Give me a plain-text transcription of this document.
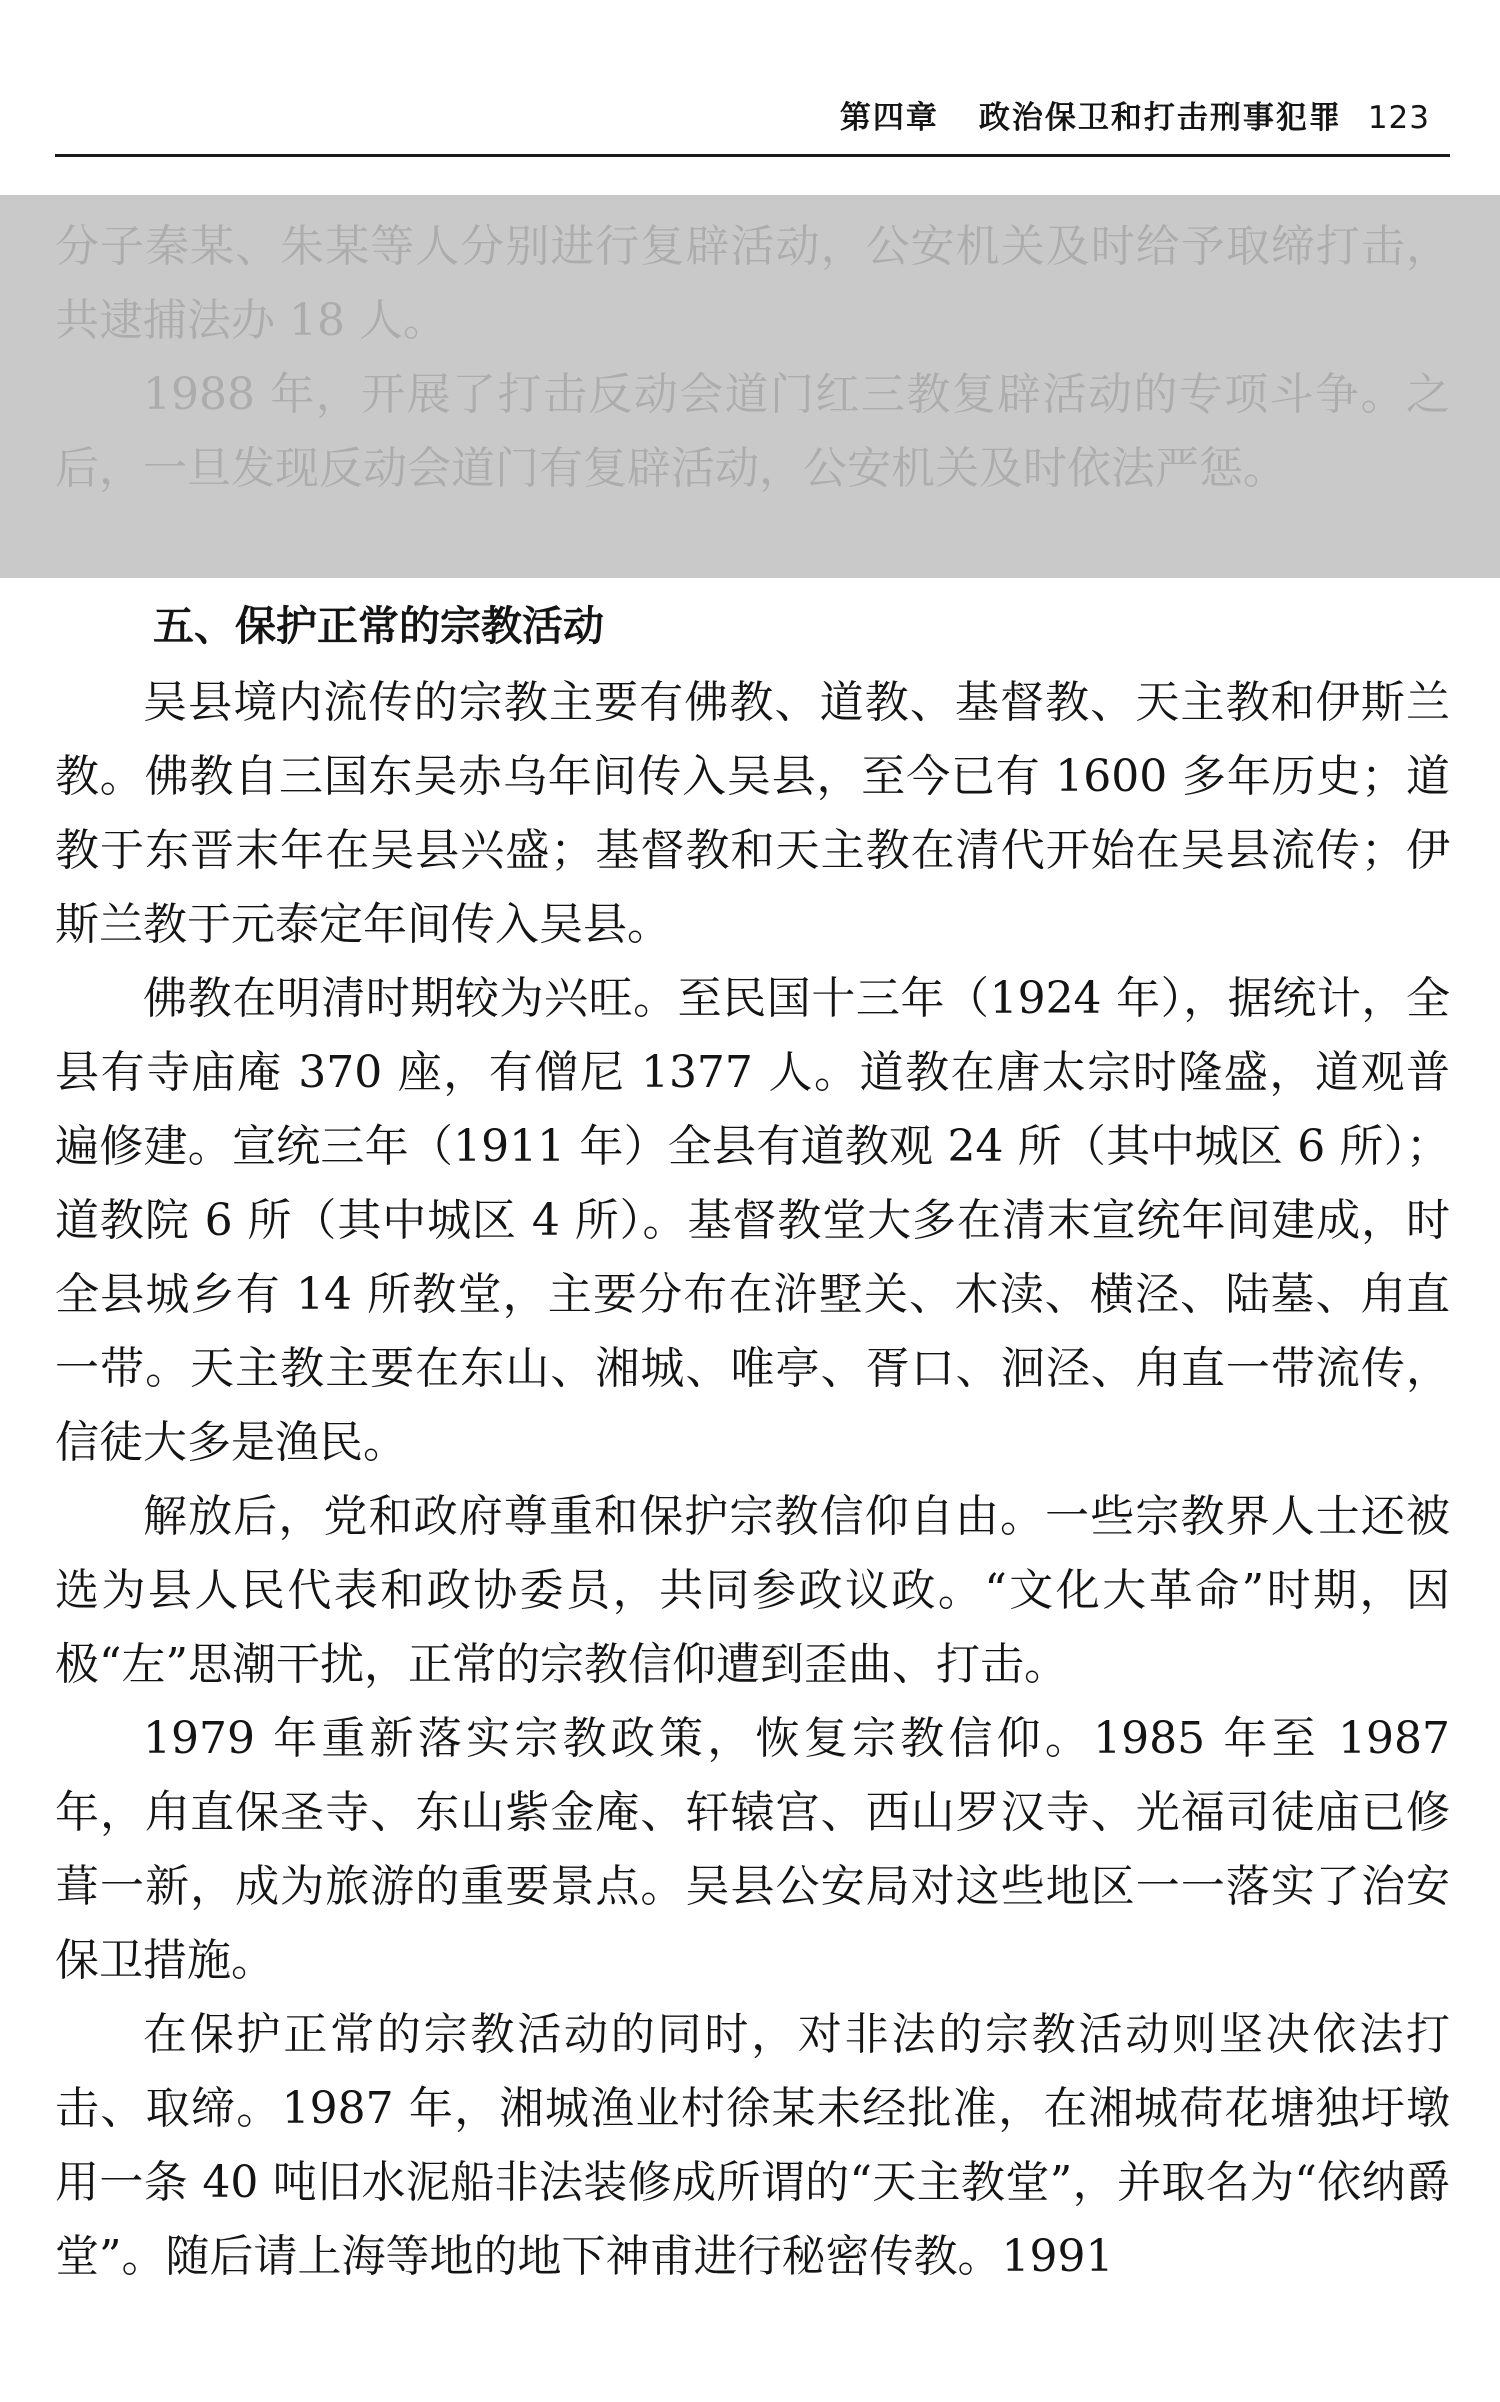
第四章 政治保卫和打击刑事犯罪 123

分子秦某、朱某等人分别进行复辟活动，公安机关及时给予取缔打击，共逮捕法办 18 人。

1988 年，开展了打击反动会道门红三教复辟活动的专项斗争。之后，一旦发现反动会道门有复辟活动，公安机关及时依法严惩。

五、保护正常的宗教活动

吴县境内流传的宗教主要有佛教、道教、基督教、天主教和伊斯兰教。佛教自三国东吴赤乌年间传入吴县，至今已有 1600 多年历史；道教于东晋末年在吴县兴盛；基督教和天主教在清代开始在吴县流传；伊斯兰教于元泰定年间传入吴县。

佛教在明清时期较为兴旺。至民国十三年（1924 年），据统计，全县有寺庙庵 370 座，有僧尼 1377 人。道教在唐太宗时隆盛，道观普遍修建。宣统三年（1911 年）全县有道教观 24 所（其中城区 6 所）；道教院 6 所（其中城区 4 所）。基督教堂大多在清末宣统年间建成，时全县城乡有 14 所教堂，主要分布在浒墅关、木渎、横泾、陆墓、甪直一带。天主教主要在东山、湘城、唯亭、胥口、洄泾、甪直一带流传，信徒大多是渔民。

解放后，党和政府尊重和保护宗教信仰自由。一些宗教界人士还被选为县人民代表和政协委员，共同参政议政。“文化大革命”时期，因极“左”思潮干扰，正常的宗教信仰遭到歪曲、打击。

1979 年重新落实宗教政策，恢复宗教信仰。1985 年至 1987 年，甪直保圣寺、东山紫金庵、轩辕宫、西山罗汉寺、光福司徒庙已修葺一新，成为旅游的重要景点。吴县公安局对这些地区一一落实了治安保卫措施。

在保护正常的宗教活动的同时，对非法的宗教活动则坚决依法打击、取缔。1987 年，湘城渔业村徐某未经批准，在湘城荷花塘独圩墩用一条 40 吨旧水泥船非法装修成所谓的“天主教堂”，并取名为“依纳爵堂”。随后请上海等地的地下神甫进行秘密传教。1991
